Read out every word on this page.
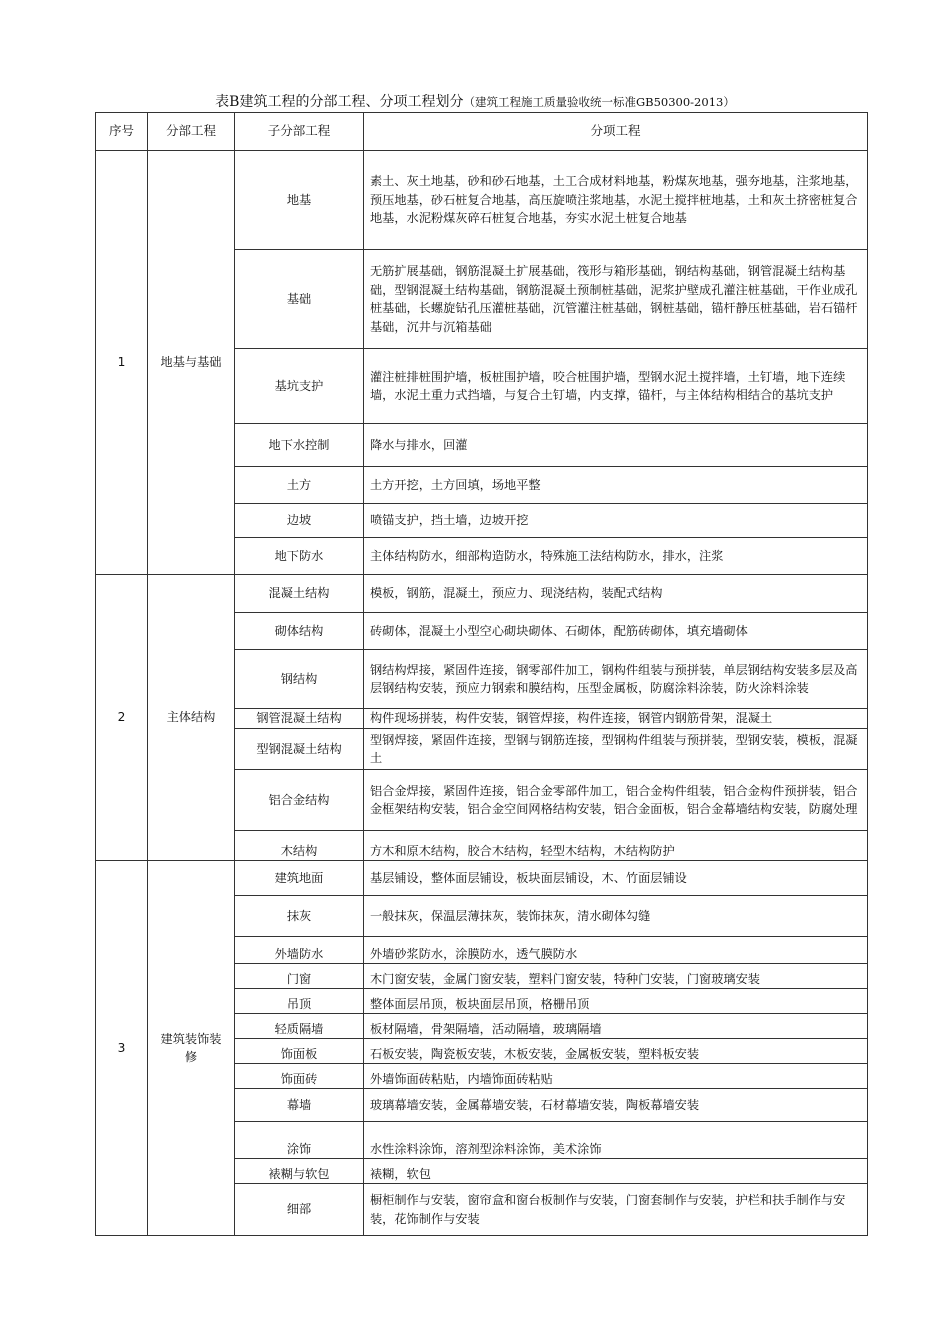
表B建筑工程的分部工程、分项工程划分（建筑工程施工质量验收统一标准GB50300-2013）
序号	分部工程	子分部工程	分项工程
1	地基与基础	地基	素土、灰土地基，砂和砂石地基，土工合成材料地基，粉煤灰地基，强夯地基，注浆地基，预压地基，砂石桩复合地基，高压旋喷注浆地基，水泥土搅拌桩地基，土和灰土挤密桩复合地基，水泥粉煤灰碎石桩复合地基，夯实水泥土桩复合地基
		基础	无筋扩展基础，钢筋混凝土扩展基础，筏形与箱形基础，钢结构基础，钢管混凝土结构基础，型钢混凝土结构基础，钢筋混凝土预制桩基础，泥浆护壁成孔灌注桩基础，干作业成孔桩基础，长螺旋钻孔压灌桩基础，沉管灌注桩基础，钢桩基础，锚杆静压桩基础，岩石锚杆基础，沉井与沉箱基础
		基坑支护	灌注桩排桩围护墙，板桩围护墙，咬合桩围护墙，型钢水泥土搅拌墙，土钉墙，地下连续墙，水泥土重力式挡墙，与复合土钉墙，内支撑，锚杆，与主体结构相结合的基坑支护
		地下水控制	降水与排水，回灌
		土方	土方开挖，土方回填，场地平整
		边坡	喷锚支护，挡土墙，边坡开挖
		地下防水	主体结构防水，细部构造防水，特殊施工法结构防水，排水，注浆
2	主体结构	混凝土结构	模板，钢筋，混凝土，预应力、现浇结构，装配式结构
		砌体结构	砖砌体，混凝土小型空心砌块砌体、石砌体，配筋砖砌体，填充墙砌体
		钢结构	钢结构焊接，紧固件连接，钢零部件加工，钢构件组装与预拼装，单层钢结构安装多层及高层钢结构安装，预应力钢索和膜结构，压型金属板，防腐涂料涂装，防火涂料涂装
		钢管混凝土结构	构件现场拼装，构件安装，钢管焊接，构件连接，钢管内钢筋骨架，混凝土
		型钢混凝土结构	型钢焊接，紧固件连接，型钢与钢筋连接，型钢构件组装与预拼装，型钢安装，模板，混凝土
		铝合金结构	铝合金焊接，紧固件连接，铝合金零部件加工，铝合金构件组装，铝合金构件预拼装，铝合金框架结构安装，铝合金空间网格结构安装，铝合金面板，铝合金幕墙结构安装，防腐处理
		木结构	方木和原木结构，胶合木结构，轻型木结构，木结构防护
3	建筑装饰装修	建筑地面	基层铺设，整体面层铺设，板块面层铺设，木、竹面层铺设
		抹灰	一般抹灰，保温层薄抹灰，装饰抹灰，清水砌体勾缝
		外墙防水	外墙砂浆防水，涂膜防水，透气膜防水
		门窗	木门窗安装，金属门窗安装，塑料门窗安装，特种门安装，门窗玻璃安装
		吊顶	整体面层吊顶，板块面层吊顶，格栅吊顶
		轻质隔墙	板材隔墙，骨架隔墙，活动隔墙，玻璃隔墙
		饰面板	石板安装，陶瓷板安装，木板安装，金属板安装，塑料板安装
		饰面砖	外墙饰面砖粘贴，内墙饰面砖粘贴
		幕墙	玻璃幕墙安装，金属幕墙安装，石材幕墙安装，陶板幕墙安装
		涂饰	水性涂料涂饰，溶剂型涂料涂饰，美术涂饰
		裱糊与软包	裱糊，软包
		细部	橱柜制作与安装，窗帘盒和窗台板制作与安装，门窗套制作与安装，护栏和扶手制作与安装，花饰制作与安装
